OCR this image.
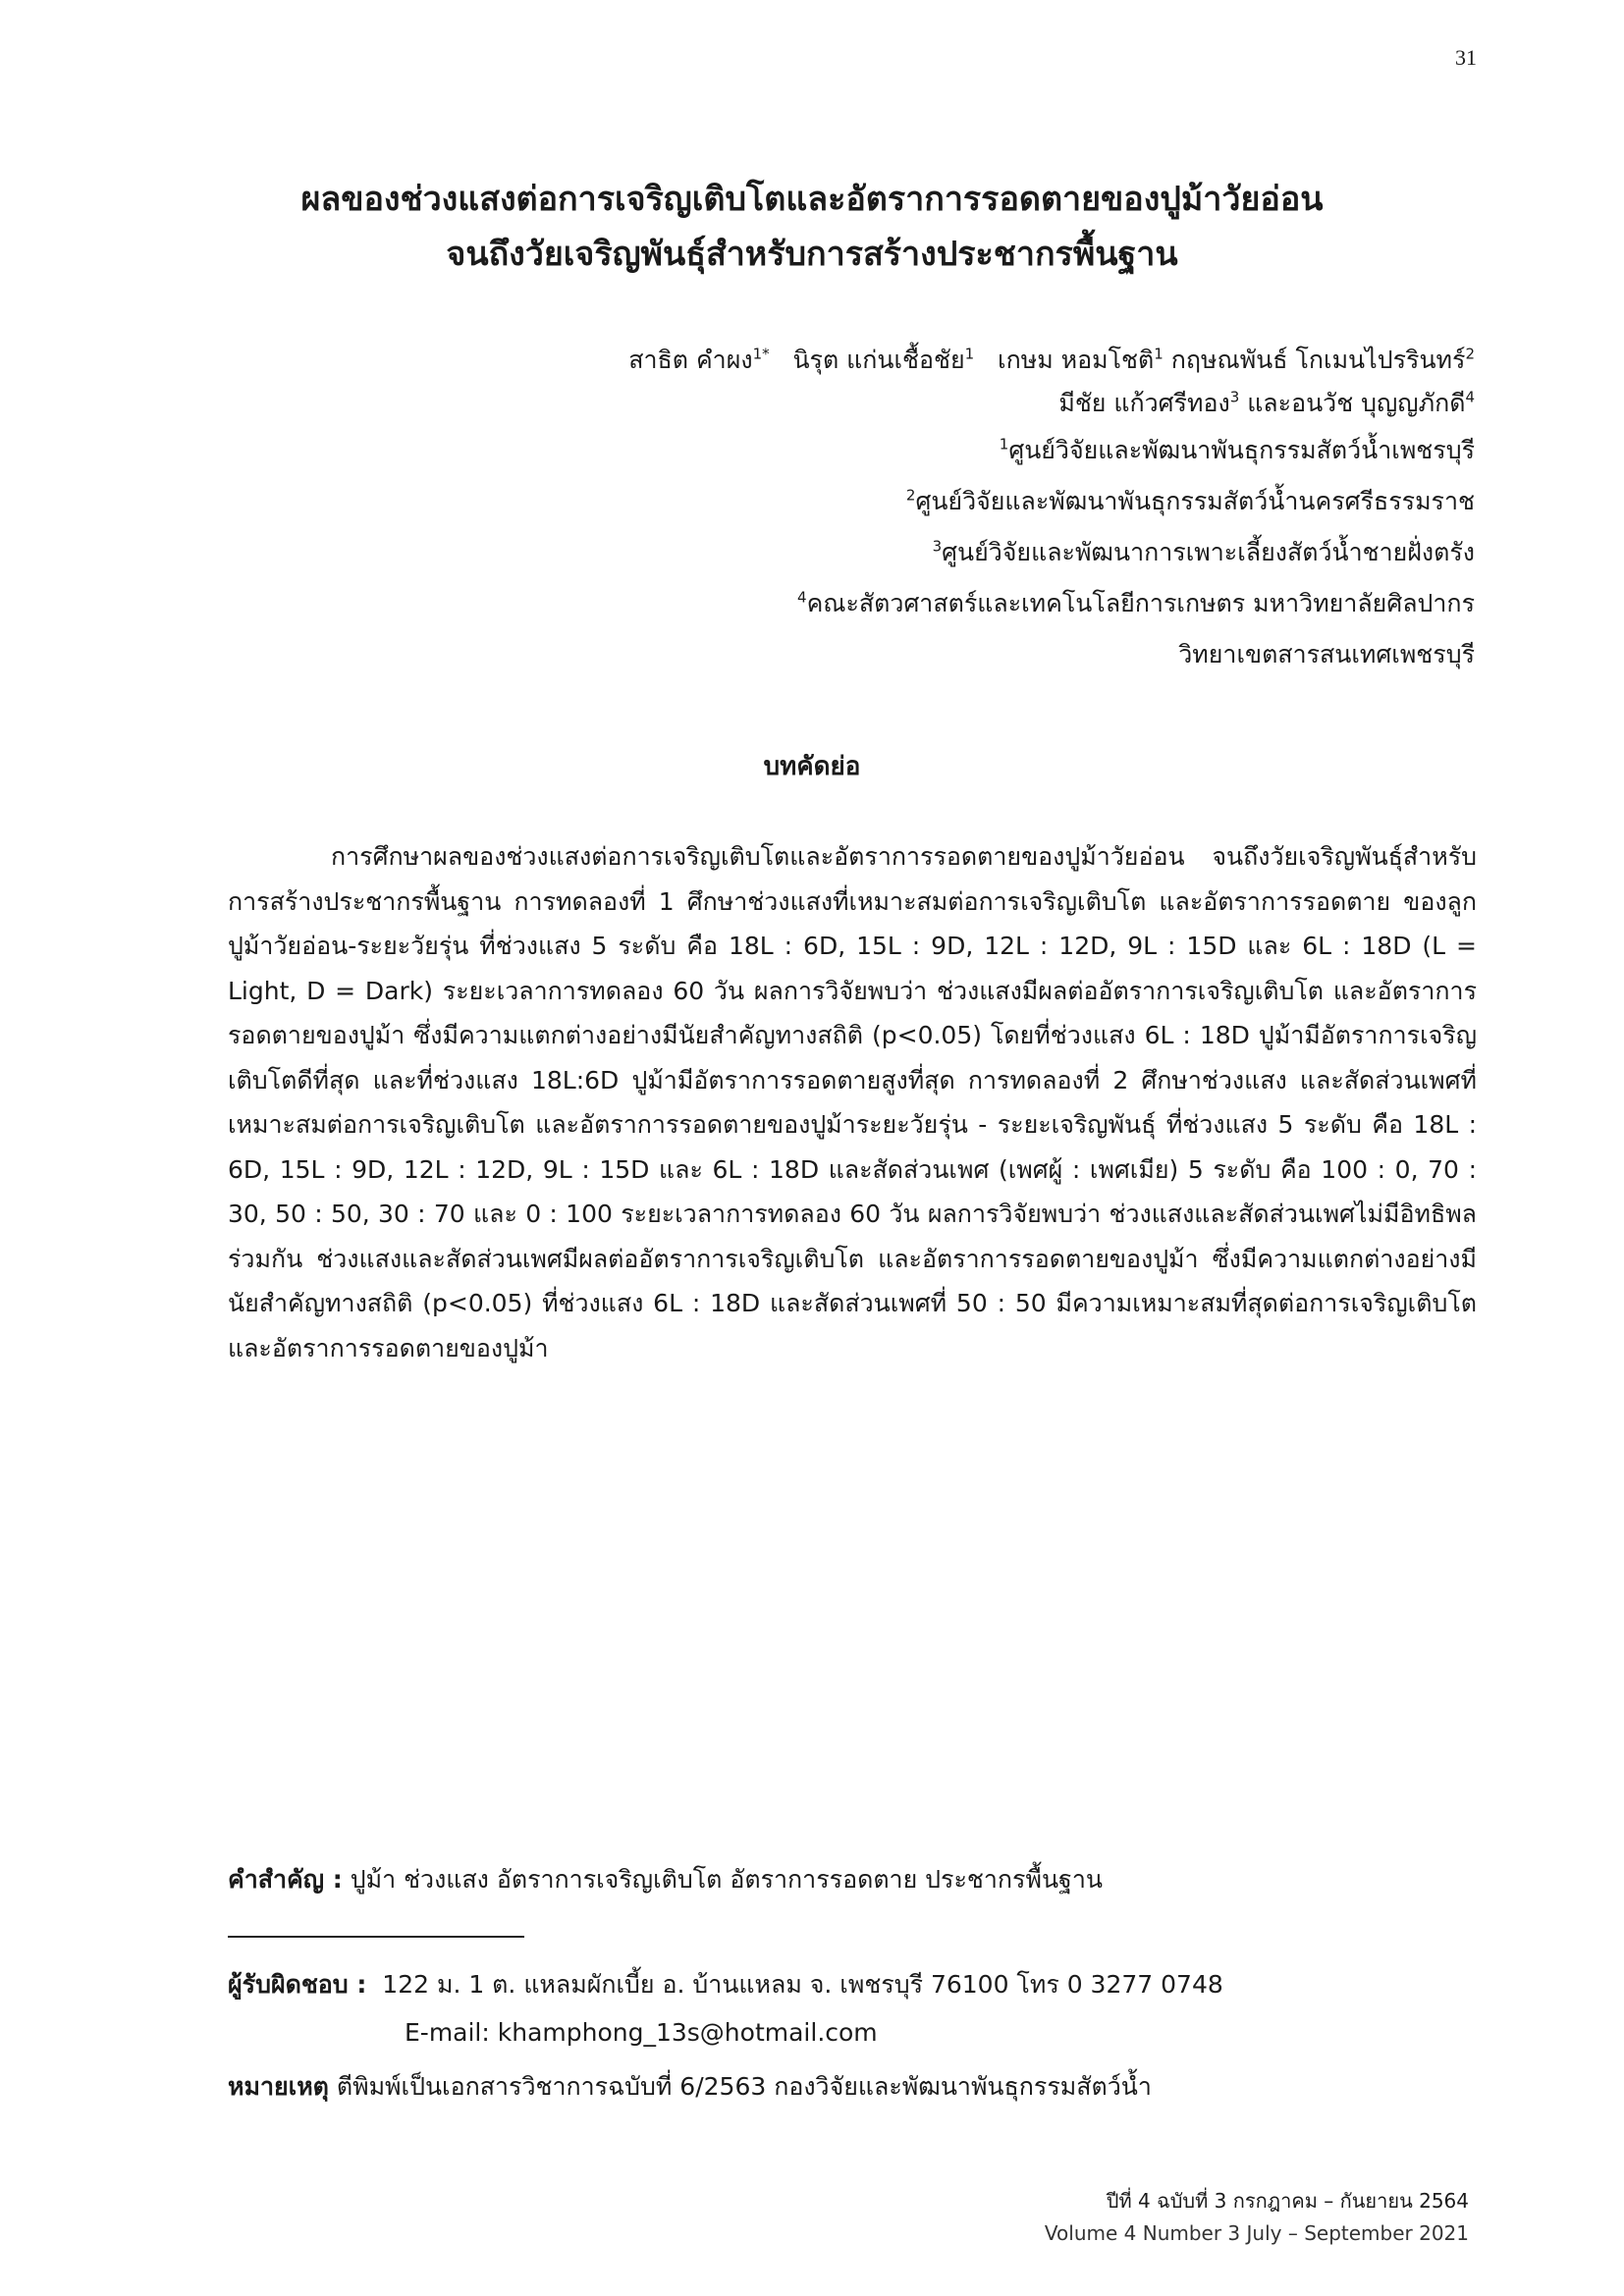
31
ผลของช่วงแสงต่อการเจริญเติบโตและอัตราการรอดตายของปูม้าวัยอ่อน
จนถึงวัยเจริญพันธุ์สำหรับการสร้างประชากรพื้นฐาน
สาธิต คำผง$^{1*}$ นิรุต แก่นเชื้อชัย$^1$ เกษม หอมโชติ$^1$ กฤษณพันธ์ โกเมนไปรรินทร์$^2$
มีชัย แก้วศรีทอง$^3$ และอนวัช บุญญภักดี$^4$
$^1$ศูนย์วิจัยและพัฒนาพันธุกรรมสัตว์น้ำเพชรบุรี
$^2$ศูนย์วิจัยและพัฒนาพันธุกรรมสัตว์น้ำนครศรีธรรมราช
$^3$ศูนย์วิจัยและพัฒนาการเพาะเลี้ยงสัตว์น้ำชายฝั่งตรัง
$^4$คณะสัตวศาสตร์และเทคโนโลยีการเกษตร มหาวิทยาลัยศิลปากร
วิทยาเขตสารสนเทศเพชรบุรี
บทคัดย่อ
การศึกษาผลของช่วงแสงต่อการเจริญเติบโตและอัตราการรอดตายของปูม้าวัยอ่อน จนถึงวัยเจริญพันธุ์สำหรับการสร้างประชากรพื้นฐาน การทดลองที่ 1 ศึกษาช่วงแสงที่เหมาะสมต่อการเจริญเติบโต และอัตราการรอดตาย ของลูกปูม้าวัยอ่อน-ระยะวัยรุ่น ที่ช่วงแสง 5 ระดับ คือ 18L : 6D, 15L : 9D, 12L : 12D, 9L : 15D และ 6L : 18D (L = Light, D = Dark) ระยะเวลาการทดลอง 60 วัน ผลการวิจัยพบว่า ช่วงแสงมีผลต่ออัตราการเจริญเติบโต และอัตราการรอดตายของปูม้า ซึ่งมีความแตกต่างอย่างมีนัยสำคัญทางสถิติ (p<0.05) โดยที่ช่วงแสง 6L : 18D ปูม้ามีอัตราการเจริญเติบโตดีที่สุด และที่ช่วงแสง 18L:6D ปูม้ามีอัตราการรอดตายสูงที่สุด การทดลองที่ 2 ศึกษาช่วงแสง และสัดส่วนเพศที่เหมาะสมต่อการเจริญเติบโต และอัตราการรอดตายของปูม้าระยะวัยรุ่น - ระยะเจริญพันธุ์ ที่ช่วงแสง 5 ระดับ คือ 18L : 6D, 15L : 9D, 12L : 12D, 9L : 15D และ 6L : 18D และสัดส่วนเพศ (เพศผู้ : เพศเมีย) 5 ระดับ คือ 100 : 0, 70 : 30, 50 : 50, 30 : 70 และ 0 : 100 ระยะเวลาการทดลอง 60 วัน ผลการวิจัยพบว่า ช่วงแสงและสัดส่วนเพศไม่มีอิทธิพลร่วมกัน ช่วงแสงและสัดส่วนเพศมีผลต่ออัตราการเจริญเติบโต และอัตราการรอดตายของปูม้า ซึ่งมีความแตกต่างอย่างมีนัยสำคัญทางสถิติ (p<0.05) ที่ช่วงแสง 6L : 18D และสัดส่วนเพศที่ 50 : 50 มีความเหมาะสมที่สุดต่อการเจริญเติบโตและอัตราการรอดตายของปูม้า
คำสำคัญ : ปูม้า ช่วงแสง อัตราการเจริญเติบโต อัตราการรอดตาย ประชากรพื้นฐาน
ผู้รับผิดชอบ : 122 ม. 1 ต. แหลมผักเบี้ย อ. บ้านแหลม จ. เพชรบุรี 76100 โทร 0 3277 0748
E-mail: khamphong_13s@hotmail.com
หมายเหตุ ตีพิมพ์เป็นเอกสารวิชาการฉบับที่ 6/2563 กองวิจัยและพัฒนาพันธุกรรมสัตว์น้ำ
ปีที่ 4 ฉบับที่ 3 กรกฎาคม – กันยายน 2564
Volume 4 Number 3 July – September 2021
